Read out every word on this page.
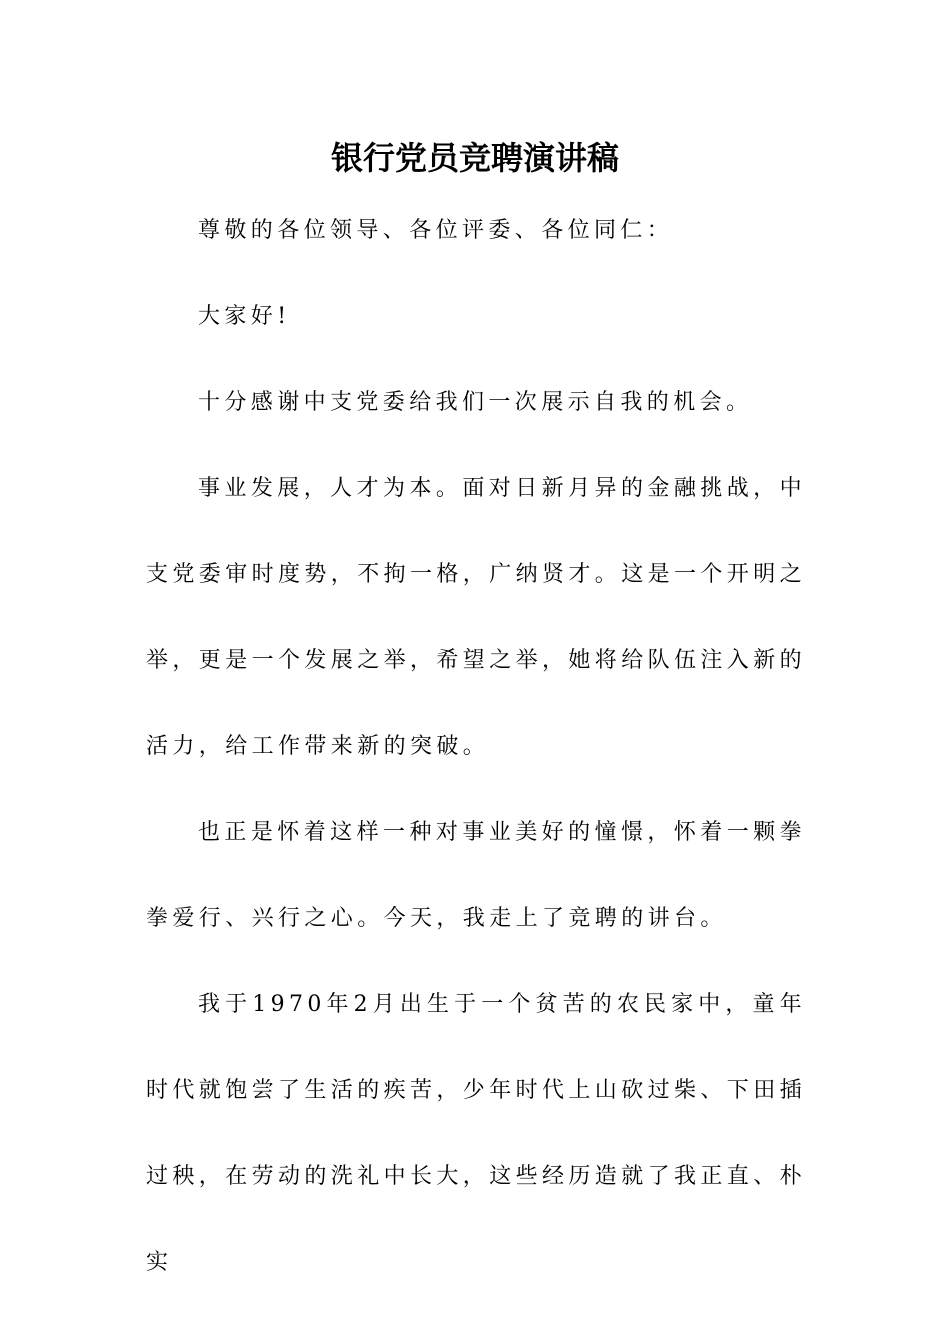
银行党员竞聘演讲稿

尊敬的各位领导、各位评委、各位同仁：

大家好!

十分感谢中支党委给我们一次展示自我的机会。

事业发展，人才为本。面对日新月异的金融挑战，中支党委审时度势，不拘一格，广纳贤才。这是一个开明之举，更是一个发展之举，希望之举，她将给队伍注入新的活力，给工作带来新的突破。

也正是怀着这样一种对事业美好的憧憬，怀着一颗拳拳爱行、兴行之心。今天，我走上了竞聘的讲台。

我于1970年2月出生于一个贫苦的农民家中，童年时代就饱尝了生活的疾苦，少年时代上山砍过柴、下田插过秧，在劳动的洗礼中长大，这些经历造就了我正直、朴实
